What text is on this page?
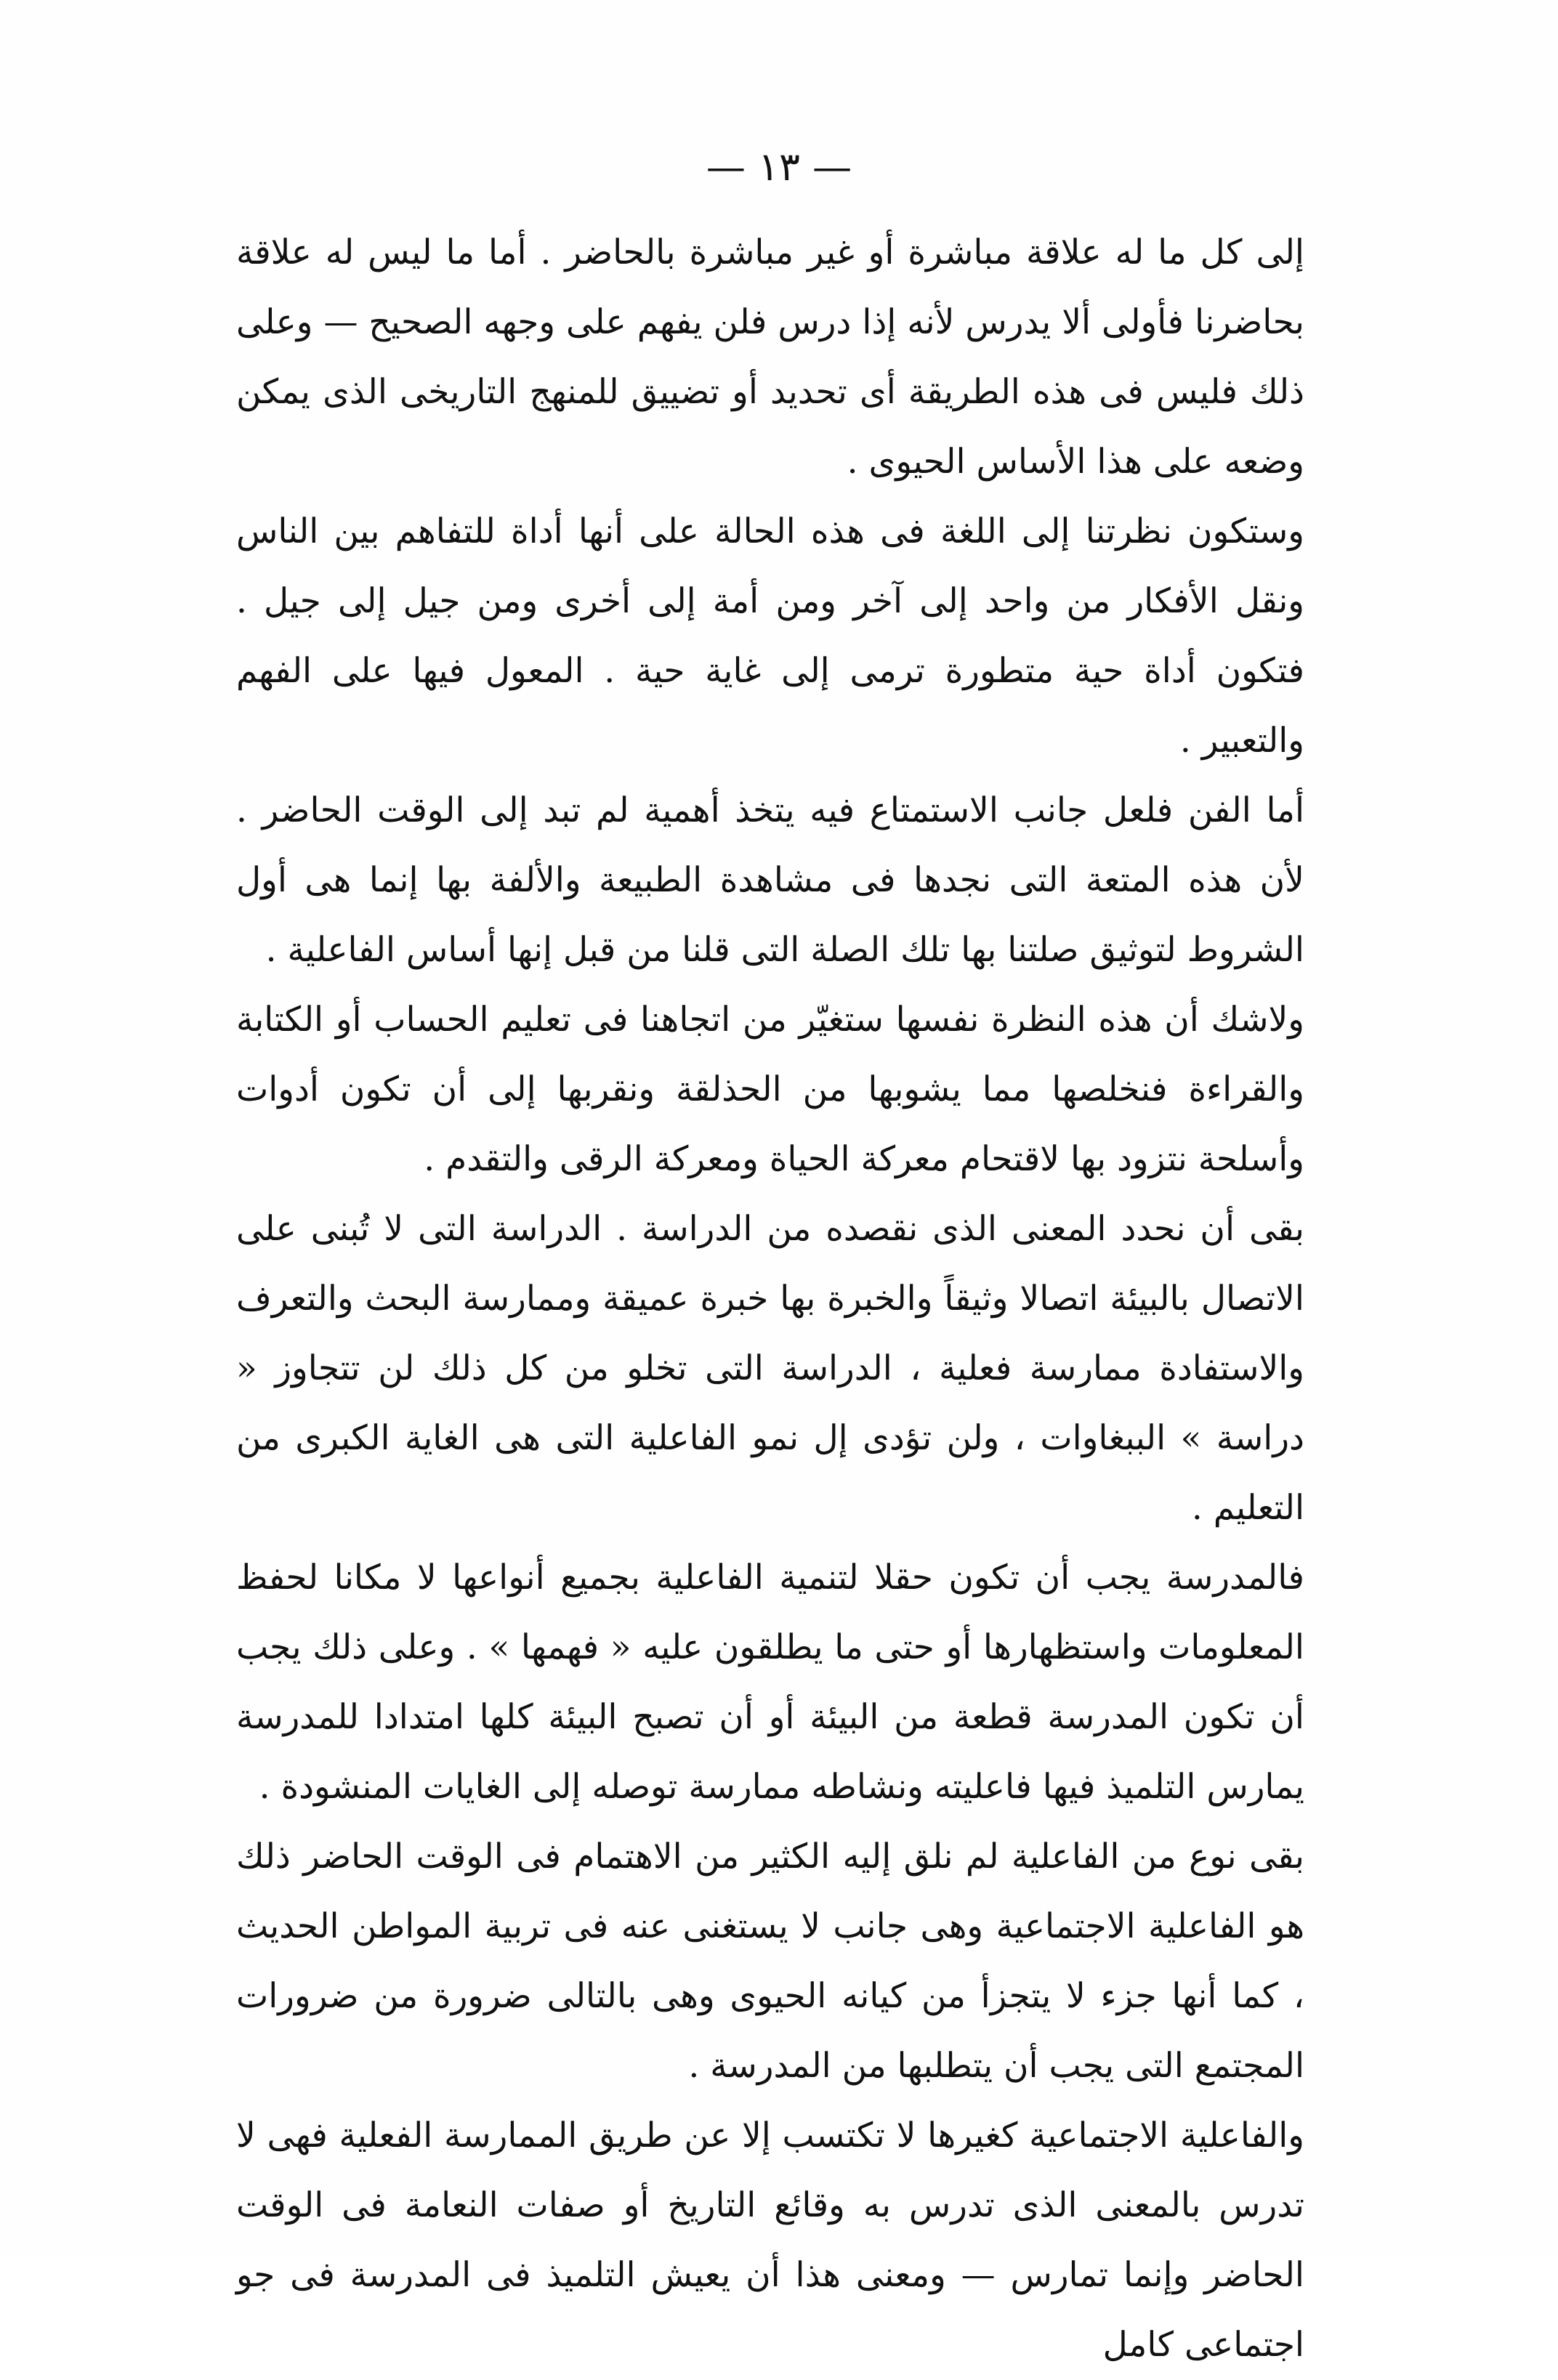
— ١٣ —

إلى كل ما له علاقة مباشرة أو غير مباشرة بالحاضر . أما ما ليس له علاقة بحاضرنا فأولى ألا يدرس لأنه إذا درس فلن يفهم على وجهه الصحيح — وعلى ذلك فليس فى هذه الطريقة أى تحديد أو تضييق للمنهج التاريخى الذى يمكن وضعه على هذا الأساس الحيوى .

وستكون نظرتنا إلى اللغة فى هذه الحالة على أنها أداة للتفاهم بين الناس ونقل الأفكار من واحد إلى آخر ومن أمة إلى أخرى ومن جيل إلى جيل . فتكون أداة حية متطورة ترمى إلى غاية حية . المعول فيها على الفهم والتعبير .

أما الفن فلعل جانب الاستمتاع فيه يتخذ أهمية لم تبد إلى الوقت الحاضر . لأن هذه المتعة التى نجدها فى مشاهدة الطبيعة والألفة بها إنما هى أول الشروط لتوثيق صلتنا بها تلك الصلة التى قلنا من قبل إنها أساس الفاعلية .

ولاشك أن هذه النظرة نفسها ستغيّر من اتجاهنا فى تعليم الحساب أو الكتابة والقراءة فنخلصها مما يشوبها من الحذلقة ونقربها إلى أن تكون أدوات وأسلحة نتزود بها لاقتحام معركة الحياة ومعركة الرقى والتقدم .

بقى أن نحدد المعنى الذى نقصده من الدراسة . الدراسة التى لا تُبنى على الاتصال بالبيئة اتصالا وثيقاً والخبرة بها خبرة عميقة وممارسة البحث والتعرف والاستفادة ممارسة فعلية ، الدراسة التى تخلو من كل ذلك لن تتجاوز « دراسة » الببغاوات ، ولن تؤدى إل نمو الفاعلية التى هى الغاية الكبرى من التعليم .

فالمدرسة يجب أن تكون حقلا لتنمية الفاعلية بجميع أنواعها لا مكانا لحفظ المعلومات واستظهارها أو حتى ما يطلقون عليه « فهمها » . وعلى ذلك يجب أن تكون المدرسة قطعة من البيئة أو أن تصبح البيئة كلها امتدادا للمدرسة يمارس التلميذ فيها فاعليته ونشاطه ممارسة توصله إلى الغايات المنشودة .

بقى نوع من الفاعلية لم نلق إليه الكثير من الاهتمام فى الوقت الحاضر ذلك هو الفاعلية الاجتماعية وهى جانب لا يستغنى عنه فى تربية المواطن الحديث ، كما أنها جزء لا يتجزأ من كيانه الحيوى وهى بالتالى ضرورة من ضرورات المجتمع التى يجب أن يتطلبها من المدرسة .

والفاعلية الاجتماعية كغيرها لا تكتسب إلا عن طريق الممارسة الفعلية فهى لا تدرس بالمعنى الذى تدرس به وقائع التاريخ أو صفات النعامة فى الوقت الحاضر وإنما تمارس — ومعنى هذا أن يعيش التلميذ فى المدرسة فى جو اجتماعى كامل
